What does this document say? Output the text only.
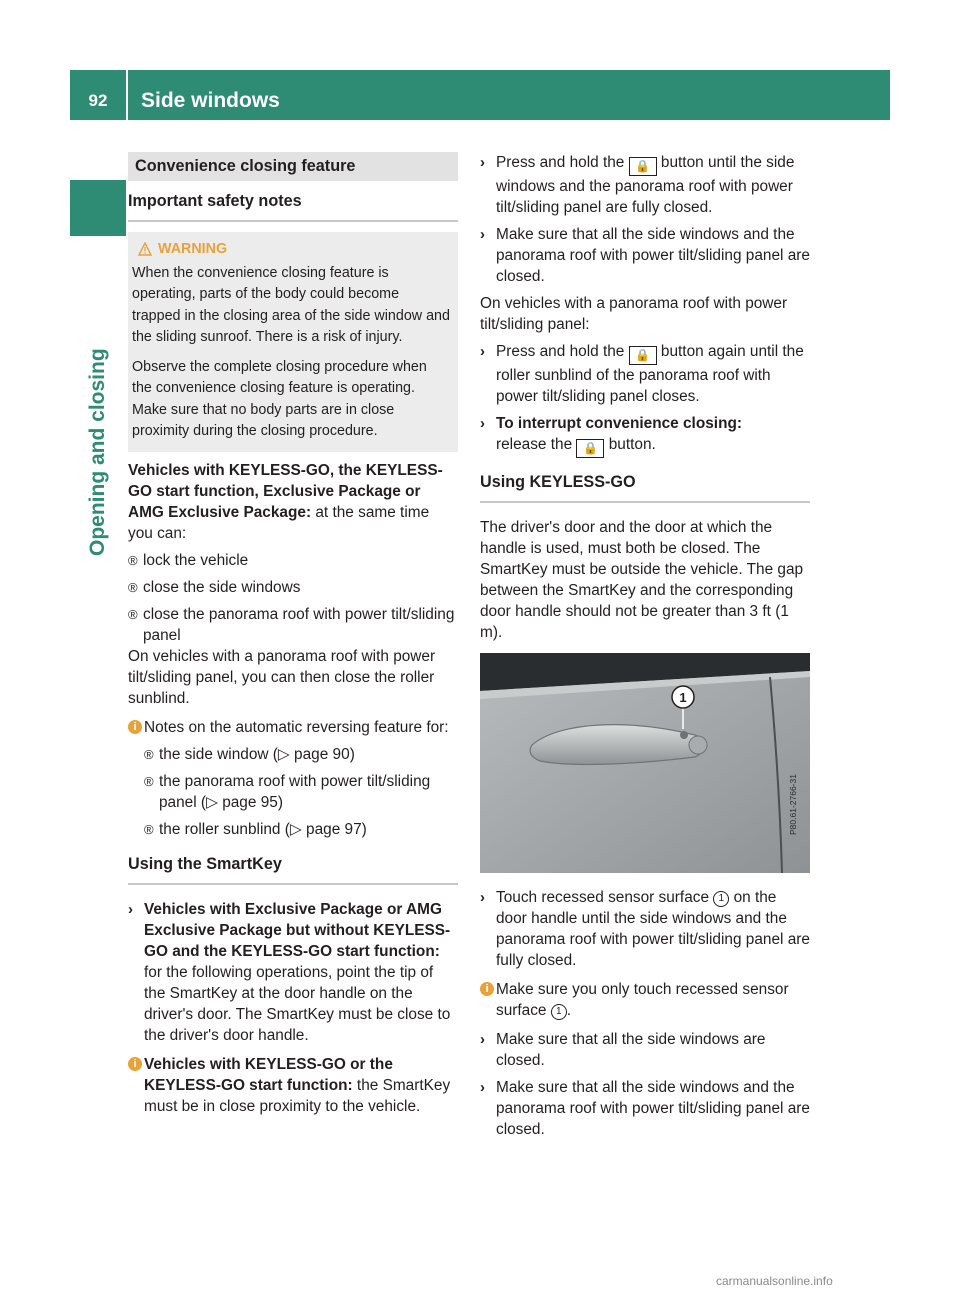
92	Side windows
Opening and closing
Convenience closing feature
Important safety notes
WARNING

When the convenience closing feature is operating, parts of the body could become trapped in the closing area of the side window and the sliding sunroof. There is a risk of injury.

Observe the complete closing procedure when the convenience closing feature is operating. Make sure that no body parts are in close proximity during the closing procedure.

Vehicles with KEYLESS-GO, the KEYLESS-GO start function, Exclusive Package or AMG Exclusive Package: at the same time you can:

® lock the vehicle
® close the side windows
® close the panorama roof with power tilt/sliding panel

On vehicles with a panorama roof with power tilt/sliding panel, you can then close the roller sunblind.

i Notes on the automatic reversing feature for:
® the side window (▷ page 90)
® the panorama roof with power tilt/sliding panel (▷ page 95)
® the roller sunblind (▷ page 97)
Using the SmartKey
› Vehicles with Exclusive Package or AMG Exclusive Package but without KEYLESS-GO and the KEYLESS-GO start function: for the following operations, point the tip of the SmartKey at the door handle on the driver's door. The SmartKey must be close to the driver's door handle.
i Vehicles with KEYLESS-GO or the KEYLESS-GO start function: the SmartKey must be in close proximity to the vehicle.
› Press and hold the 🔒 button until the side windows and the panorama roof with power tilt/sliding panel are fully closed.
› Make sure that all the side windows and the panorama roof with power tilt/sliding panel are closed.

On vehicles with a panorama roof with power tilt/sliding panel:

› Press and hold the 🔒 button again until the roller sunblind of the panorama roof with power tilt/sliding panel closes.
› To interrupt convenience closing:
release the 🔒 button.
Using KEYLESS-GO

The driver's door and the door at which the handle is used, must both be closed. The SmartKey must be outside the vehicle. The gap between the SmartKey and the corresponding door handle should not be greater than 3 ft (1 m).

1
P80.61-2766-31
› Touch recessed sensor surface 1 on the door handle until the side windows and the panorama roof with power tilt/sliding panel are fully closed.
i Make sure you only touch recessed sensor surface 1 .
› Make sure that all the side windows are closed.
› Make sure that all the side windows and the panorama roof with power tilt/sliding panel are closed.
carmanualsonline.info
